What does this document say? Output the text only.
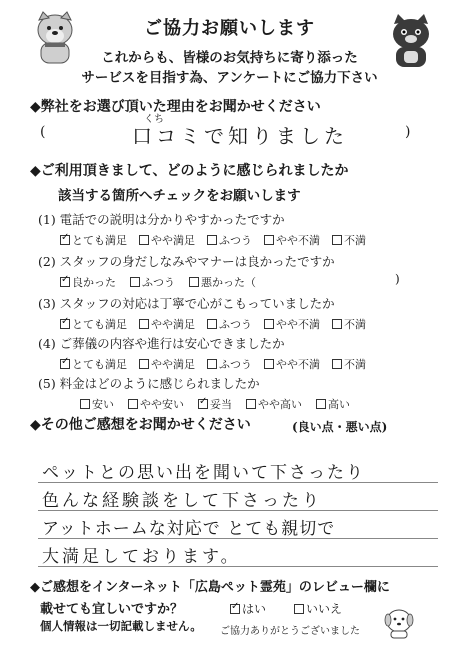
ご協力お願いします
これからも、皆様のお気持ちに寄り添った
サービスを目指す為、アンケートにご協力下さい
◆弊社をお選び頂いた理由をお聞かせください
(
くち
口コミで知りました	)
◆ご利用頂きまして、どのように感じられましたか
該当する箇所へチェックをお願いします
(1) 電話での説明は分かりやすかったですか
✓
とても満足 やや満足 ふつう やや不満 不満
(2) スタッフの身だしなみやマナーは良かったですか
✓
良かった ふつう 悪かった（	)
(3) スタッフの対応は丁寧で心がこもっていましたか
✓
とても満足 やや満足 ふつう やや不満 不満
(4) ご葬儀の内容や進行は安心できましたか
✓
とても満足 やや満足 ふつう やや不満 不満
(5) 料金はどのように感じられましたか
安い やや安い ✓ 妥当 やや高い 高い
◆その他ご感想をお聞かせください	(良い点・悪い点)
ペットとの思い出を聞いて下さったり
色んな経験談をして下さったり
アットホームな対応で とても親切で
大満足しております。
◆ご感想をインターネット「広島ペット霊苑」のレビュー欄に
載せても宜しいですか？ ✓	はい	いいえ
個人情報は一切記載しません。 ご協力ありがとうございました
